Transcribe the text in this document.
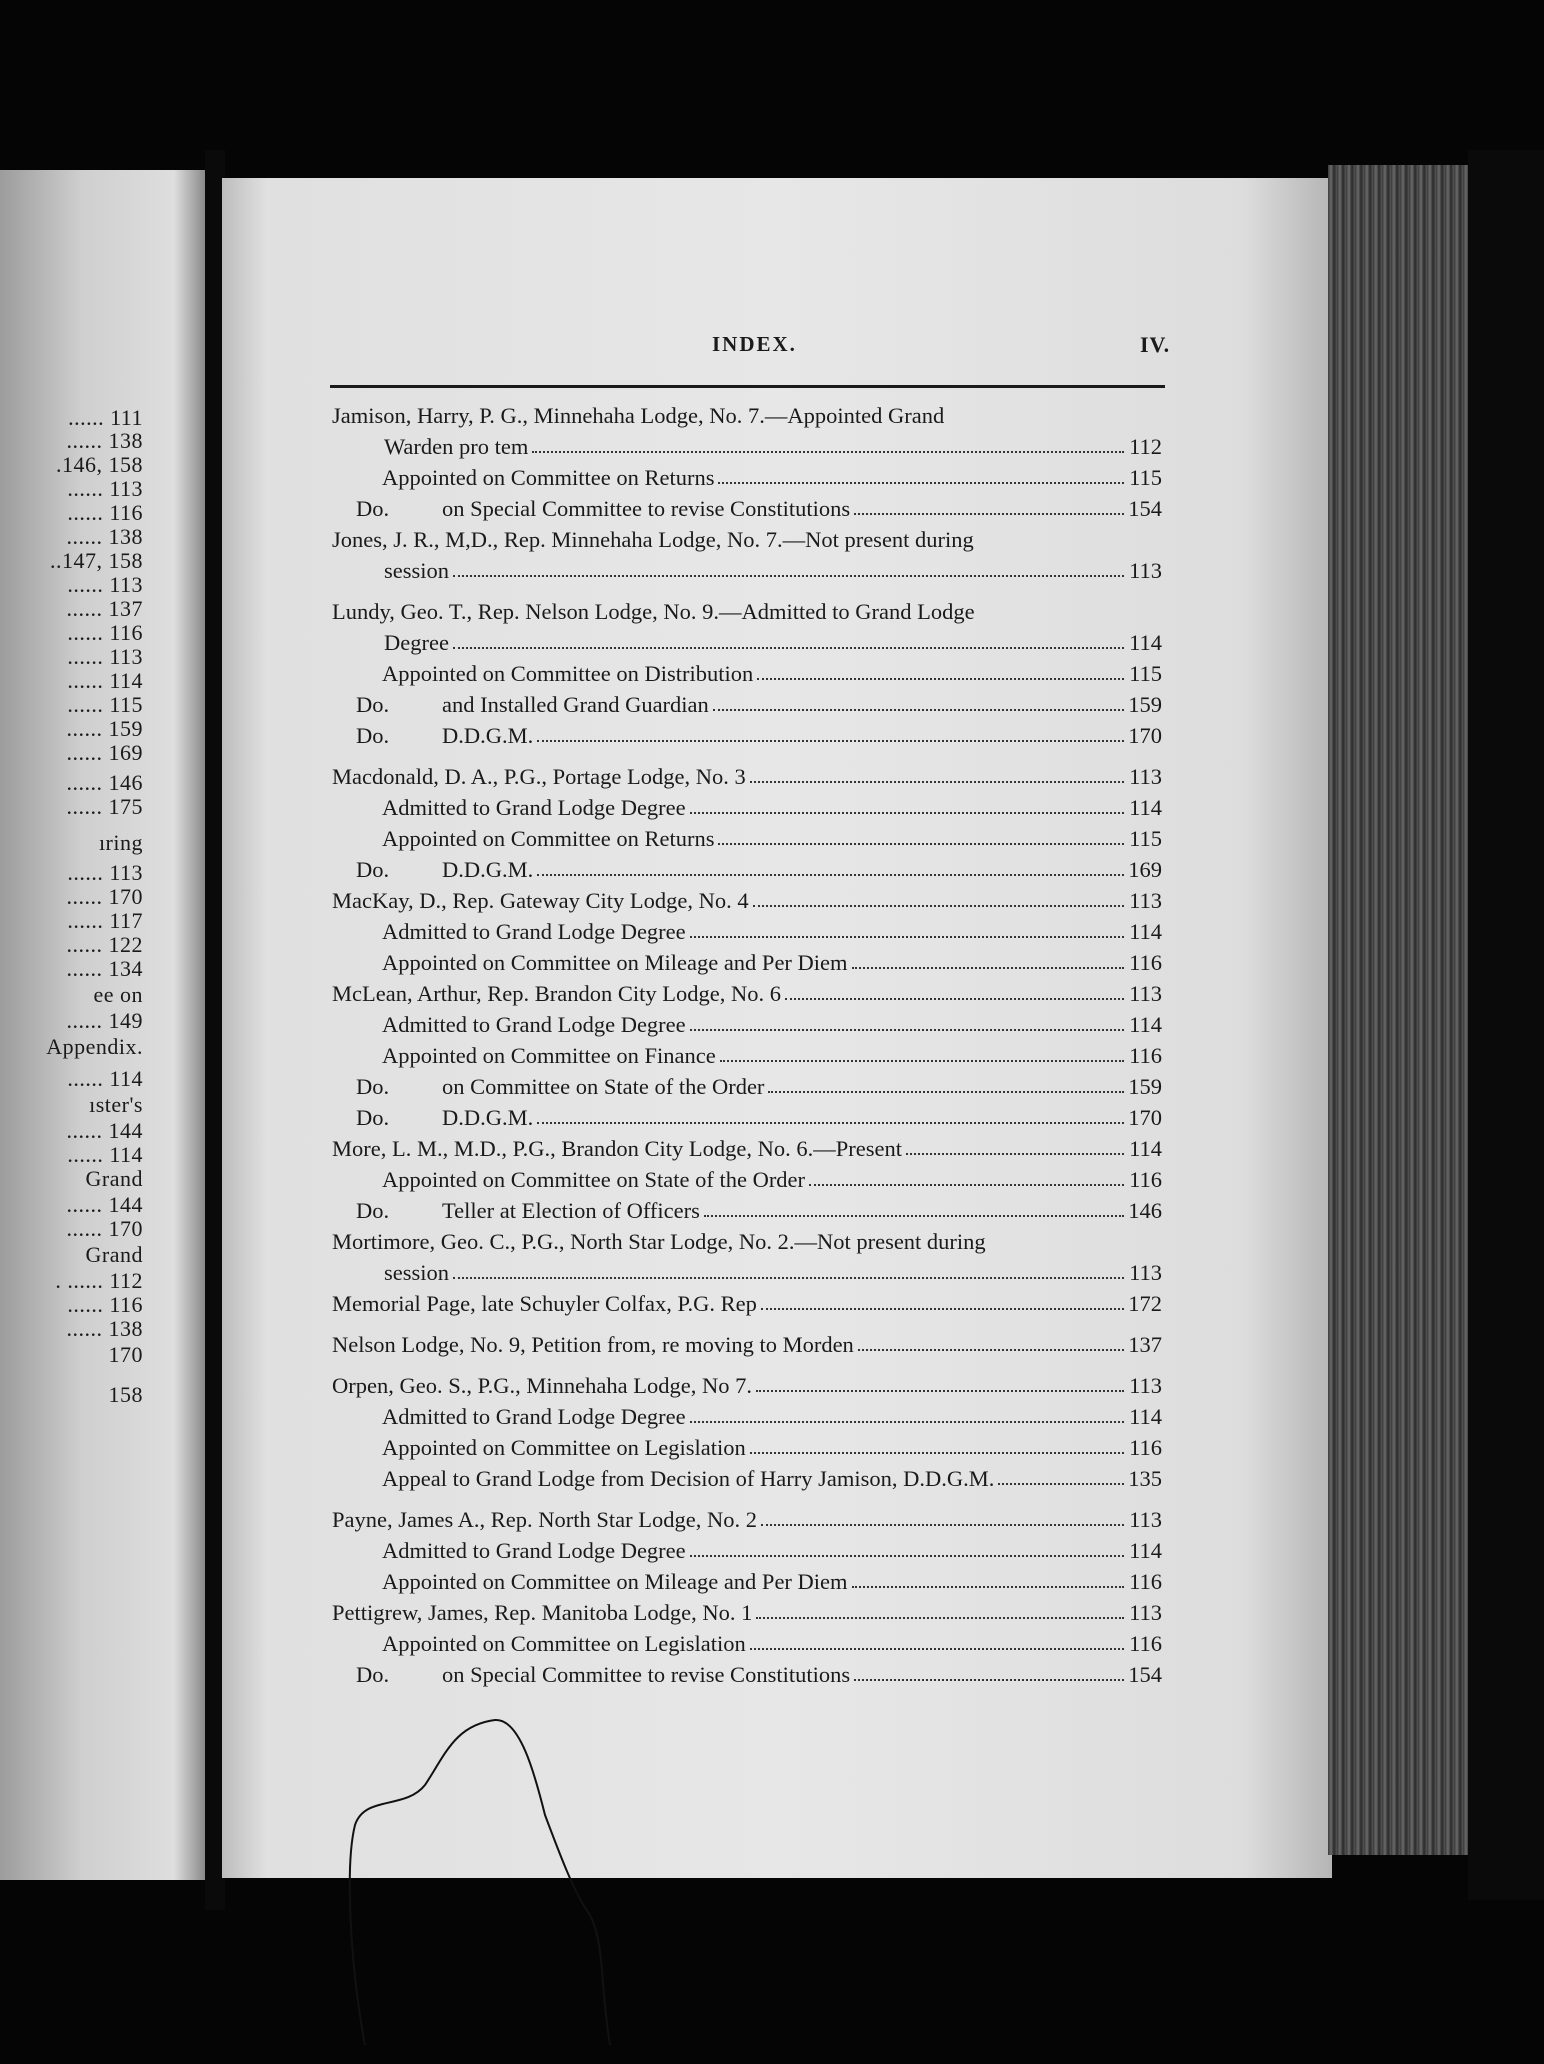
...... 111
...... 138
.146, 158
...... 113
...... 116
...... 138
..147, 158
...... 113
...... 137
...... 116
...... 113
...... 114
...... 115
...... 159
...... 169
...... 146
...... 175
ıring
...... 113
...... 170
...... 117
...... 122
...... 134
ee on
...... 149
Appendix.
...... 114
ıster's
...... 144
...... 114
Grand
...... 144
...... 170
Grand
. ...... 112
...... 116
...... 138
170
158
INDEX.	IV.
Jamison, Harry, P. G., Minnehaha Lodge, No. 7.—Appointed Grand
Warden pro tem	112
Appointed on Committee on Returns	115
Do.	on Special Committee to revise Constitutions	154
Jones, J. R., M,D., Rep. Minnehaha Lodge, No. 7.—Not present during
session	113
Lundy, Geo. T., Rep. Nelson Lodge, No. 9.—Admitted to Grand Lodge
Degree	114
Appointed on Committee on Distribution	115
Do.	and Installed Grand Guardian	159
Do.	D.D.G.M.	170
Macdonald, D. A., P.G., Portage Lodge, No. 3	113
Admitted to Grand Lodge Degree	114
Appointed on Committee on Returns	115
Do.	D.D.G.M.	169
MacKay, D., Rep. Gateway City Lodge, No. 4	113
Admitted to Grand Lodge Degree	114
Appointed on Committee on Mileage and Per Diem	116
McLean, Arthur, Rep. Brandon City Lodge, No. 6	113
Admitted to Grand Lodge Degree	114
Appointed on Committee on Finance	116
Do.	on Committee on State of the Order	159
Do.	D.D.G.M.	170
More, L. M., M.D., P.G., Brandon City Lodge, No. 6.—Present	114
Appointed on Committee on State of the Order	116
Do.	Teller at Election of Officers	146
Mortimore, Geo. C., P.G., North Star Lodge, No. 2.—Not present during
session	113
Memorial Page, late Schuyler Colfax, P.G. Rep	172
Nelson Lodge, No. 9, Petition from, re moving to Morden	137
Orpen, Geo. S., P.G., Minnehaha Lodge, No 7.	113
Admitted to Grand Lodge Degree	114
Appointed on Committee on Legislation	116
Appeal to Grand Lodge from Decision of Harry Jamison, D.D.G.M.	135
Payne, James A., Rep. North Star Lodge, No. 2	113
Admitted to Grand Lodge Degree	114
Appointed on Committee on Mileage and Per Diem	116
Pettigrew, James, Rep. Manitoba Lodge, No. 1	113
Appointed on Committee on Legislation	116
Do.	on Special Committee to revise Constitutions	154
